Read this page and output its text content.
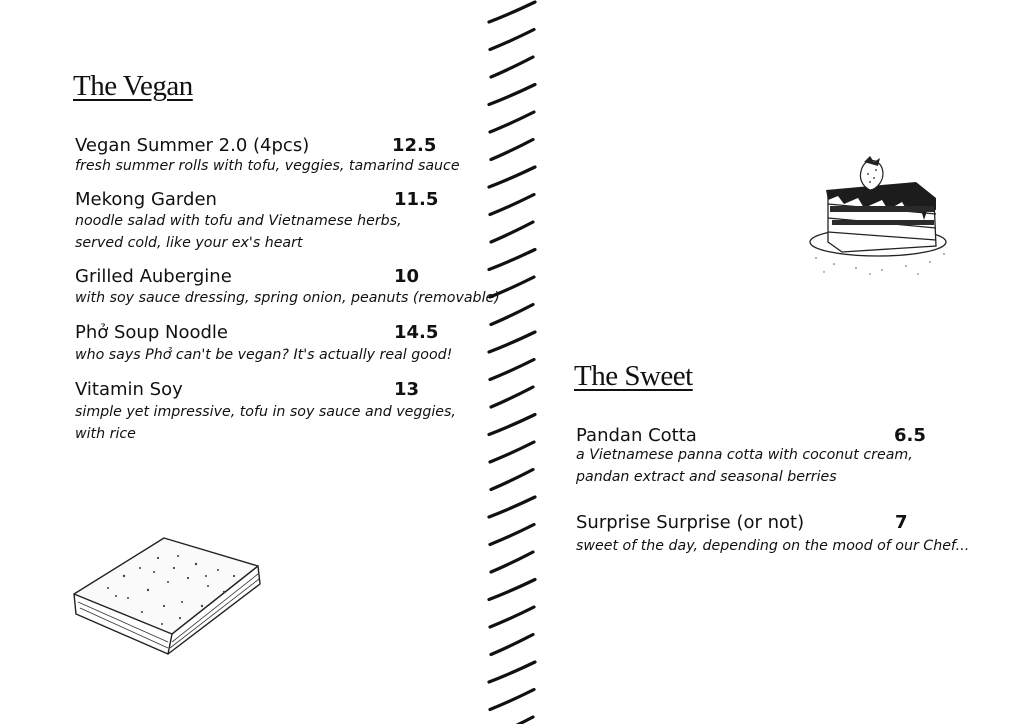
The Vegan
Vegan Summer 2.0 (4pcs)	12.5
fresh summer rolls with tofu, veggies, tamarind sauce
Mekong Garden	11.5
noodle salad with tofu and Vietnamese herbs,
served cold, like your ex's heart
Grilled Aubergine	10
with soy sauce dressing, spring onion, peanuts (removable)
Phở Soup Noodle	14.5
who says Phở can't be vegan? It's actually real good!
Vitamin Soy	13
simple yet impressive, tofu in soy sauce and veggies,
with rice
The Sweet
Pandan Cotta	6.5
a Vietnamese panna cotta with coconut cream,
pandan extract and seasonal berries
Surprise Surprise (or not)	7
sweet of the day, depending on the mood of our Chef...
